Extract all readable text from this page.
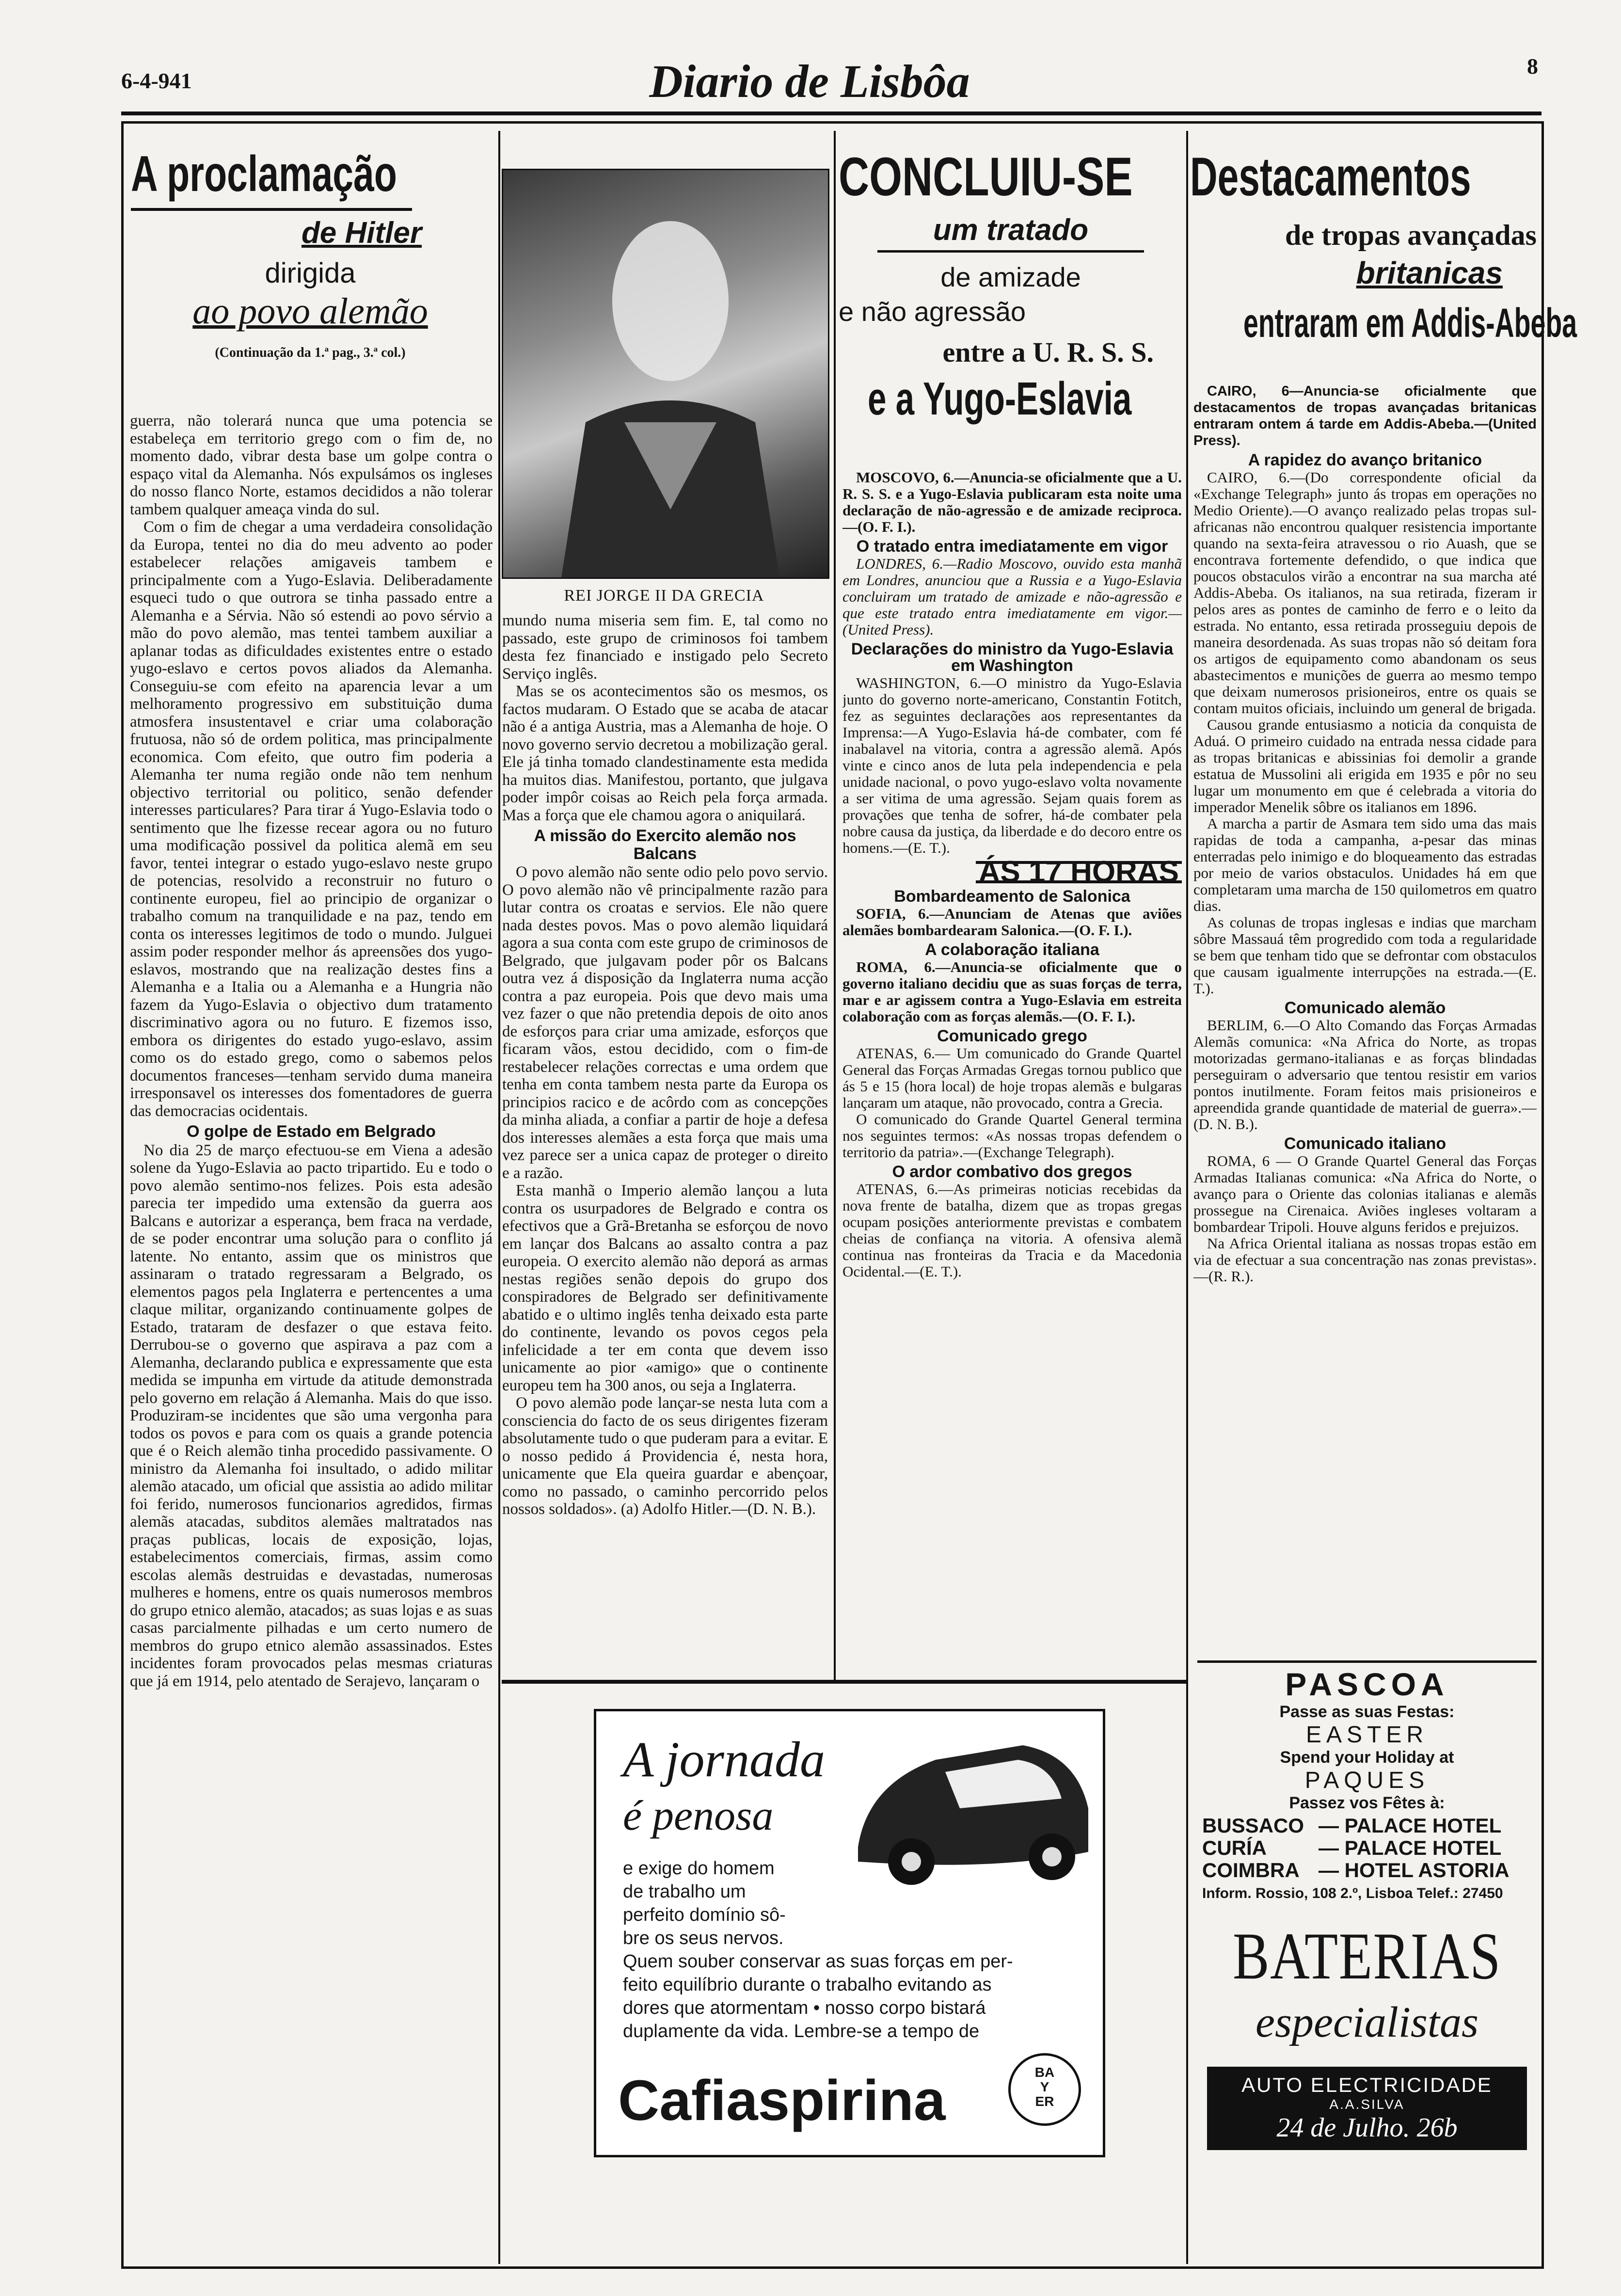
6-4-941	Diario de Lisbôa	8
A proclamação
de Hitler
dirigida
ao povo alemão
(Continuação da 1.ª pag., 3.ª col.)

guerra, não tolerará nunca que uma potencia se estabeleça em territorio grego com o fim de, no momento dado, vibrar desta base um golpe contra o espaço vital da Alemanha. Nós expulsámos os ingleses do nosso flanco Norte, estamos decididos a não tolerar tambem qualquer ameaça vinda do sul.

Com o fim de chegar a uma verdadeira consolidação da Europa, tentei no dia do meu advento ao poder estabelecer relações amigaveis tambem e principalmente com a Yugo-Eslavia. Deliberadamente esqueci tudo o que outrora se tinha passado entre a Alemanha e a Sérvia. Não só estendi ao povo sérvio a mão do povo alemão, mas tentei tambem auxiliar a aplanar todas as dificuldades existentes entre o estado yugo-eslavo e certos povos aliados da Alemanha. Conseguiu-se com efeito na aparencia levar a um melhoramento progressivo em substituição duma atmosfera insustentavel e criar uma colaboração frutuosa, não só de ordem politica, mas principalmente economica. Com efeito, que outro fim poderia a Alemanha ter numa região onde não tem nenhum objectivo territorial ou politico, senão defender interesses particulares? Para tirar á Yugo-Eslavia todo o sentimento que lhe fizesse recear agora ou no futuro uma modificação possivel da politica alemã em seu favor, tentei integrar o estado yugo-eslavo neste grupo de potencias, resolvido a reconstruir no futuro o continente europeu, fiel ao principio de organizar o trabalho comum na tranquilidade e na paz, tendo em conta os interesses legitimos de todo o mundo. Julguei assim poder responder melhor ás apreensões dos yugo-eslavos, mostrando que na realização destes fins a Alemanha e a Italia ou a Alemanha e a Hungria não fazem da Yugo-Eslavia o objectivo dum tratamento discriminativo agora ou no futuro. E fizemos isso, embora os dirigentes do estado yugo-eslavo, assim como os do estado grego, como o sabemos pelos documentos franceses—tenham servido duma maneira irresponsavel os interesses dos fomentadores de guerra das democracias ocidentais.

O golpe de Estado em Belgrado

No dia 25 de março efectuou-se em Viena a adesão solene da Yugo-Eslavia ao pacto tripartido. Eu e todo o povo alemão sentimo-nos felizes. Pois esta adesão parecia ter impedido uma extensão da guerra aos Balcans e autorizar a esperança, bem fraca na verdade, de se poder encontrar uma solução para o conflito já latente. No entanto, assim que os ministros que assinaram o tratado regressaram a Belgrado, os elementos pagos pela Inglaterra e pertencentes a uma claque militar, organizando continuamente golpes de Estado, trataram de desfazer o que estava feito. Derrubou-se o governo que aspirava a paz com a Alemanha, declarando publica e expressamente que esta medida se impunha em virtude da atitude demonstrada pelo governo em relação á Alemanha. Mais do que isso. Produziram-se incidentes que são uma vergonha para todos os povos e para com os quais a grande potencia que é o Reich alemão tinha procedido passivamente. O ministro da Alemanha foi insultado, o adido militar alemão atacado, um oficial que assistia ao adido militar foi ferido, numerosos funcionarios agredidos, firmas alemãs atacadas, subditos alemães maltratados nas praças publicas, locais de exposição, lojas, estabelecimentos comerciais, firmas, assim como escolas alemãs destruidas e devastadas, numerosas mulheres e homens, entre os quais numerosos membros do grupo etnico alemão, atacados; as suas lojas e as suas casas parcialmente pilhadas e um certo numero de membros do grupo etnico alemão assassinados. Estes incidentes foram provocados pelas mesmas criaturas que já em 1914, pelo atentado de Serajevo, lançaram o

REI JORGE II DA GRECIA

mundo numa miseria sem fim. E, tal como no passado, este grupo de criminosos foi tambem desta fez financiado e instigado pelo Secreto Serviço inglês.

Mas se os acontecimentos são os mesmos, os factos mudaram. O Estado que se acaba de atacar não é a antiga Austria, mas a Alemanha de hoje. O novo governo servio decretou a mobilização geral. Ele já tinha tomado clandestinamente esta medida ha muitos dias. Manifestou, portanto, que julgava poder impôr coisas ao Reich pela força armada. Mas a força que ele chamou agora o aniquilará.

A missão do Exercito alemão nos Balcans

O povo alemão não sente odio pelo povo servio. O povo alemão não vê principalmente razão para lutar contra os croatas e servios. Ele não quere nada destes povos. Mas o povo alemão liquidará agora a sua conta com este grupo de criminosos de Belgrado, que julgavam poder pôr os Balcans outra vez á disposição da Inglaterra numa acção contra a paz europeia. Pois que devo mais uma vez fazer o que não pretendia depois de oito anos de esforços para criar uma amizade, esforços que ficaram vãos, estou decidido, com o fim-de restabelecer relações correctas e uma ordem que tenha em conta tambem nesta parte da Europa os principios racico e de acôrdo com as concepções da minha aliada, a confiar a partir de hoje a defesa dos interesses alemães a esta força que mais uma vez parece ser a unica capaz de proteger o direito e a razão.

Esta manhã o Imperio alemão lançou a luta contra os usurpadores de Belgrado e contra os efectivos que a Grã-Bretanha se esforçou de novo em lançar dos Balcans ao assalto contra a paz europeia. O exercito alemão não deporá as armas nestas regiões senão depois do grupo dos conspiradores de Belgrado ser definitivamente abatido e o ultimo inglês tenha deixado esta parte do continente, levando os povos cegos pela infelicidade a ter em conta que devem isso unicamente ao pior «amigo» que o continente europeu tem ha 300 anos, ou seja a Inglaterra.

O povo alemão pode lançar-se nesta luta com a consciencia do facto de os seus dirigentes fizeram absolutamente tudo o que puderam para a evitar. E o nosso pedido á Providencia é, nesta hora, unicamente que Ela queira guardar e abençoar, como no passado, o caminho percorrido pelos nossos soldados». (a) Adolfo Hitler.—(D. N. B.).

CONCLUIU-SE
um tratado
de amizade
e não agressão
entre a U. R. S. S.
e a Yugo-Eslavia

MOSCOVO, 6.—Anuncia-se oficialmente que a U. R. S. S. e a Yugo-Eslavia publicaram esta noite uma declaração de não-agressão e de amizade reciproca.—(O. F. I.).

O tratado entra imediatamente em vigor

LONDRES, 6.—Radio Moscovo, ouvido esta manhã em Londres, anunciou que a Russia e a Yugo-Eslavia concluiram um tratado de amizade e não-agressão e que este tratado entra imediatamente em vigor.—(United Press).

Declarações do ministro da Yugo-Eslavia em Washington

WASHINGTON, 6.—O ministro da Yugo-Eslavia junto do governo norte-americano, Constantin Fotitch, fez as seguintes declarações aos representantes da Imprensa:—A Yugo-Eslavia há-de combater, com fé inabalavel na vitoria, contra a agressão alemã. Após vinte e cinco anos de luta pela independencia e pela unidade nacional, o povo yugo-eslavo volta novamente a ser vitima de uma agressão. Sejam quais forem as provações que tenha de sofrer, há-de combater pela nobre causa da justiça, da liberdade e do decoro entre os homens.—(E. T.).

ÁS 17 HORAS
Bombardeamento de Salonica

SOFIA, 6.—Anunciam de Atenas que aviões alemães bombardearam Salonica.—(O. F. I.).

A colaboração italiana

ROMA, 6.—Anuncia-se oficialmente que o governo italiano decidiu que as suas forças de terra, mar e ar agissem contra a Yugo-Eslavia em estreita colaboração com as forças alemãs.—(O. F. I.).

Comunicado grego

ATENAS, 6.— Um comunicado do Grande Quartel General das Forças Armadas Gregas tornou publico que ás 5 e 15 (hora local) de hoje tropas alemãs e bulgaras lançaram um ataque, não provocado, contra a Grecia.

O comunicado do Grande Quartel General termina nos seguintes termos: «As nossas tropas defendem o territorio da patria».—(Exchange Telegraph).

O ardor combativo dos gregos

ATENAS, 6.—As primeiras noticias recebidas da nova frente de batalha, dizem que as tropas gregas ocupam posições anteriormente previstas e combatem cheias de confiança na vitoria. A ofensiva alemã continua nas fronteiras da Tracia e da Macedonia Ocidental.—(E. T.).

Destacamentos
de tropas avançadas
britanicas
entraram em Addis-Abeba

CAIRO, 6—Anuncia-se oficialmente que destacamentos de tropas avançadas britanicas entraram ontem á tarde em Addis-Abeba.—(United Press).

A rapidez do avanço britanico

CAIRO, 6.—(Do correspondente oficial da «Exchange Telegraph» junto ás tropas em operações no Medio Oriente).—O avanço realizado pelas tropas sul-africanas não encontrou qualquer resistencia importante quando na sexta-feira atravessou o rio Auash, que se encontrava fortemente defendido, o que indica que poucos obstaculos virão a encontrar na sua marcha até Addis-Abeba. Os italianos, na sua retirada, fizeram ir pelos ares as pontes de caminho de ferro e o leito da estrada. No entanto, essa retirada prosseguiu depois de maneira desordenada. As suas tropas não só deitam fora os artigos de equipamento como abandonam os seus abastecimentos e munições de guerra ao mesmo tempo que deixam numerosos prisioneiros, entre os quais se contam muitos oficiais, incluindo um general de brigada.

Causou grande entusiasmo a noticia da conquista de Aduá. O primeiro cuidado na entrada nessa cidade para as tropas britanicas e abissinias foi demolir a grande estatua de Mussolini ali erigida em 1935 e pôr no seu lugar um monumento em que é celebrada a vitoria do imperador Menelik sôbre os italianos em 1896.

A marcha a partir de Asmara tem sido uma das mais rapidas de toda a campanha, a-pesar das minas enterradas pelo inimigo e do bloqueamento das estradas por meio de varios obstaculos. Unidades há em que completaram uma marcha de 150 quilometros em quatro dias.

As colunas de tropas inglesas e indias que marcham sôbre Massauá têm progredido com toda a regularidade se bem que tenham tido que se defrontar com obstaculos que causam igualmente interrupções na estrada.—(E. T.).

Comunicado alemão

BERLIM, 6.—O Alto Comando das Forças Armadas Alemãs comunica: «Na Africa do Norte, as tropas motorizadas germano-italianas e as forças blindadas perseguiram o adversario que tentou resistir em varios pontos inutilmente. Foram feitos mais prisioneiros e apreendida grande quantidade de material de guerra».—(D. N. B.).

Comunicado italiano

ROMA, 6 — O Grande Quartel General das Forças Armadas Italianas comunica: «Na Africa do Norte, o avanço para o Oriente das colonias italianas e alemãs prossegue na Cirenaica. Aviões ingleses voltaram a bombardear Tripoli. Houve alguns feridos e prejuizos.

Na Africa Oriental italiana as nossas tropas estão em via de efectuar a sua concentração nas zonas previstas».—(R. R.).

A jornada
é penosa
e exige do homem
de trabalho um
perfeito domínio sô-
bre os seus nervos.
Quem souber conservar as suas forças em per-
feito equilíbrio durante o trabalho evitando as
dores que atormentam • nosso corpo bistará
duplamente da vida. Lembre-se a tempo de
Cafiaspirina	BA
Y
ER
PASCOA
Passe as suas Festas:
EASTER
Spend your Holiday at
PAQUES
Passez vos Fêtes à:
BUSSACO — PALACE HOTEL
CURÍA	— PALACE HOTEL
COIMBRA — HOTEL ASTORIA
Inform. Rossio, 108 2.º, Lisboa Telef.: 27450
BATERIAS
especialistas
AUTO ELECTRICIDADE
A.A.SILVA
24 de Julho. 26b
